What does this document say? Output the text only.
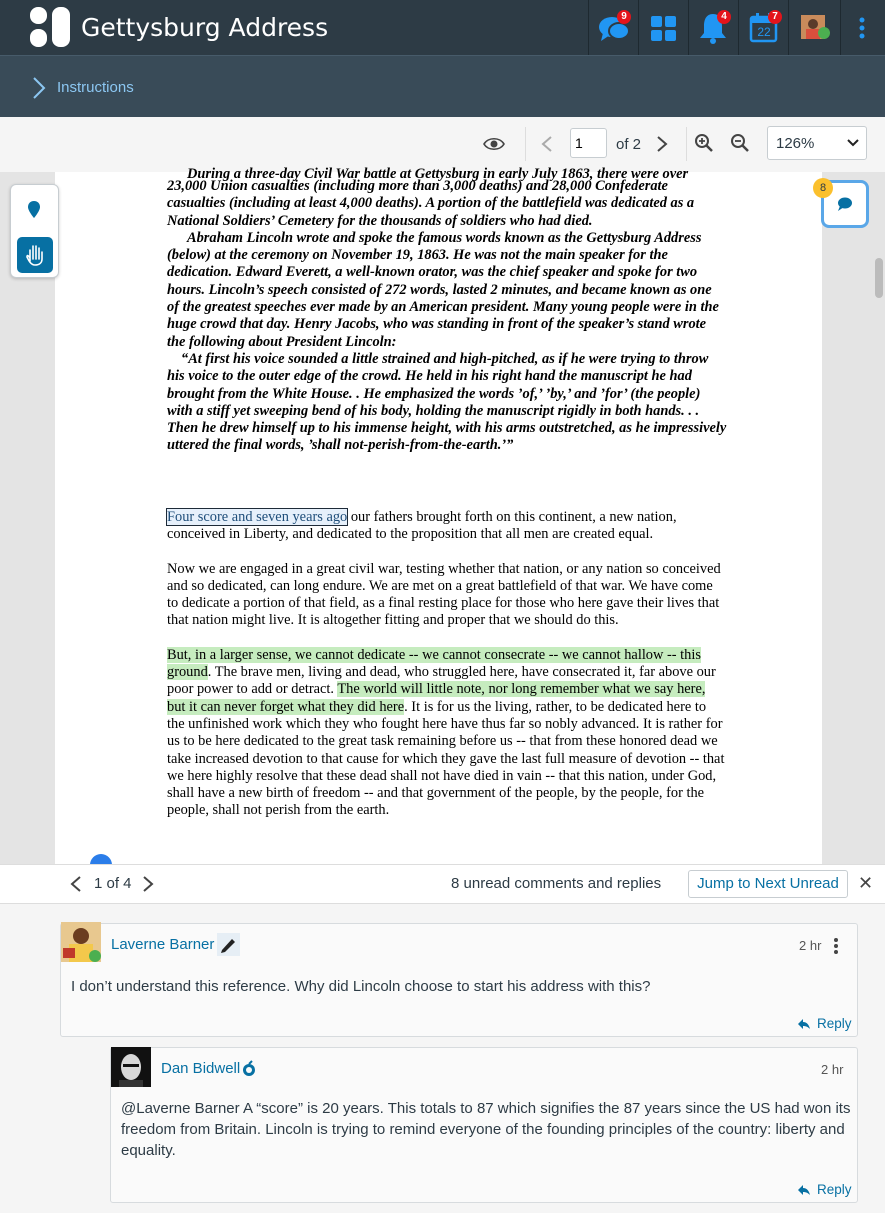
Gettysburg Address	9	4
22
7
Instructions
1
of 2	126%

During a three-day Civil War battle at Gettysburg in early July 1863, there were over

23,000 Union casualties (including more than 3,000 deaths) and 28,000 Confederate casualties (including at least 4,000 deaths). A portion of the battlefield was dedicated as a National Soldiers’ Cemetery for the thousands of soldiers who had died.

Abraham Lincoln wrote and spoke the famous words known as the Gettysburg Address (below) at the ceremony on November 19, 1863. He was not the main speaker for the dedication. Edward Everett, a well-known orator, was the chief speaker and spoke for two hours. Lincoln’s speech consisted of 272 words, lasted 2 minutes, and became known as one of the greatest speeches ever made by an American president. Many young people were in the huge crowd that day. Henry Jacobs, who was standing in front of the speaker’s stand wrote the following about President Lincoln:

“At first his voice sounded a little strained and high-pitched, as if he were trying to throw his voice to the outer edge of the crowd. He held in his right hand the manuscript he had brought from the White House. . He emphasized the words ’of,’ ’by,’ and ’for’ (the people) with a stiff yet sweeping bend of his body, holding the manuscript rigidly in both hands. . . Then he drew himself up to his immense height, with his arms outstretched, as he impressively uttered the final words, ’shall not-perish-from-the-earth.’”

Four score and seven years ago our fathers brought forth on this continent, a new nation, conceived in Liberty, and dedicated to the proposition that all men are created equal.

Now we are engaged in a great civil war, testing whether that nation, or any nation so conceived and so dedicated, can long endure. We are met on a great battlefield of that war. We have come to dedicate a portion of that field, as a final resting place for those who here gave their lives that that nation might live. It is altogether fitting and proper that we should do this.

But, in a larger sense, we cannot dedicate -- we cannot consecrate -- we cannot hallow -- this ground. The brave men, living and dead, who struggled here, have consecrated it, far above our poor power to add or detract. The world will little note, nor long remember what we say here, but it can never forget what they did here. It is for us the living, rather, to be dedicated here to the unfinished work which they who fought here have thus far so nobly advanced. It is rather for us to be here dedicated to the great task remaining before us -- that from these honored dead we take increased devotion to that cause for which they gave the last full measure of devotion -- that we here highly resolve that these dead shall not have died in vain -- that this nation, under God, shall have a new birth of freedom -- and that government of the people, by the people, for the people, shall not perish from the earth.

8
1 of 4	8 unread comments and replies	Jump to Next Unread	✕
Laverne Barner	2 hr
I don’t understand this reference. Why did Lincoln choose to start his address with this?
Reply
Dan Bidwell	2 hr
@Laverne Barner A “score” is 20 years. This totals to 87 which signifies the 87 years since the US had won its freedom from Britain. Lincoln is trying to remind everyone of the founding principles of the country: liberty and equality.
Reply
